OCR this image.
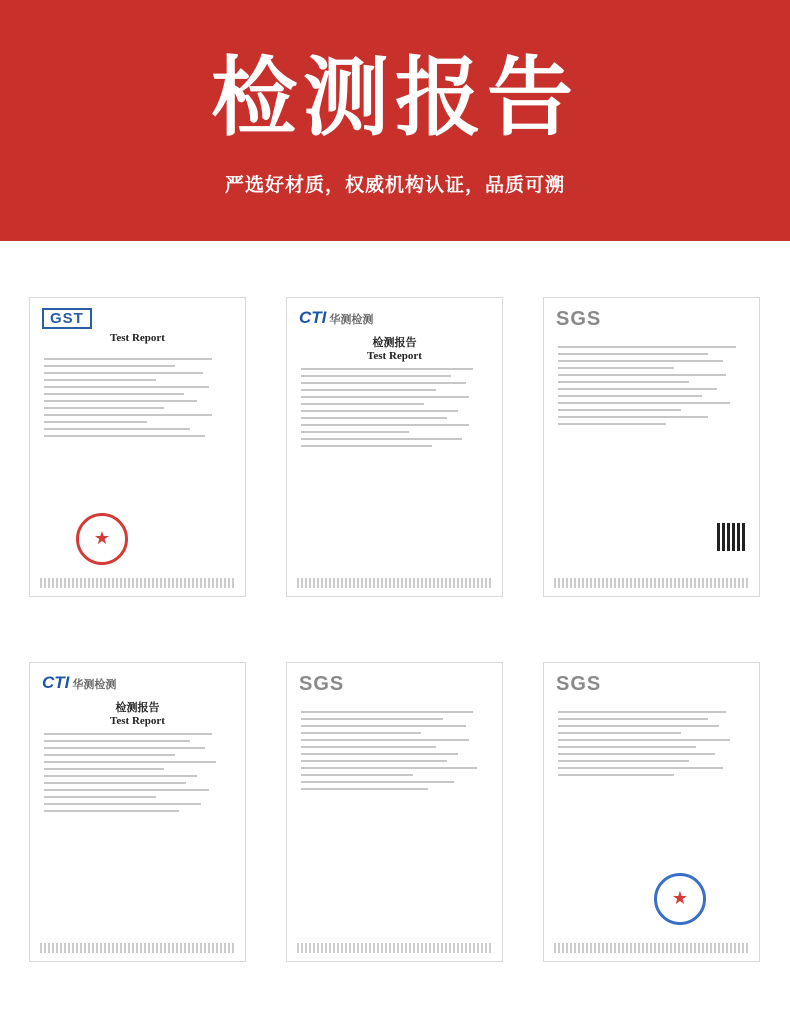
检测报告
严选好材质，权威机构认证，品质可溯
GST
Test Report
★
CTI 华测检测
检测报告
Test Report
SGS
CTI 华测检测
检测报告
Test Report
SGS	SGS
★
